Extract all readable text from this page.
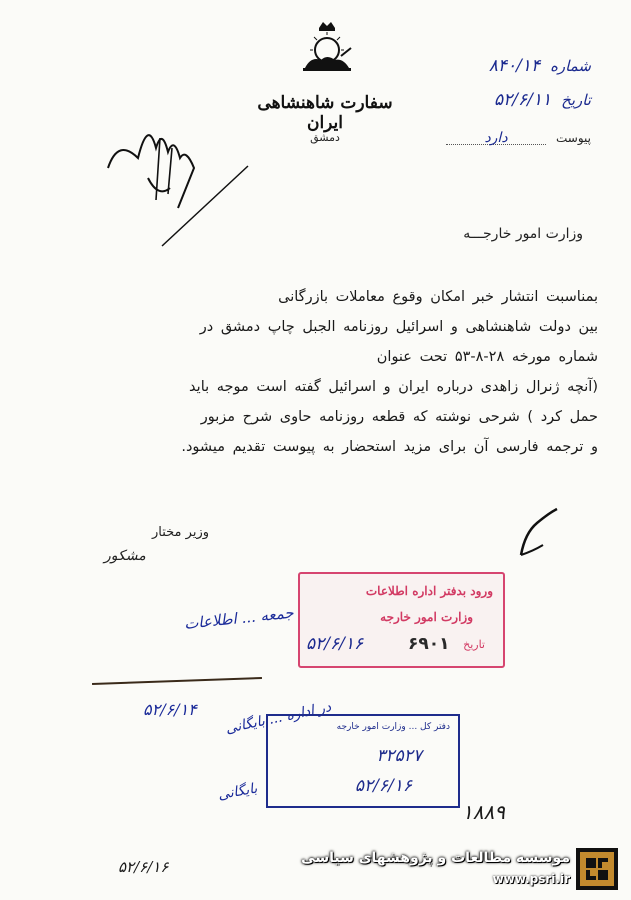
سفارت شاهنشاهی ایران
دمشق
شماره
۸۴۰/۱۴
تاریخ
۵۲/۶/۱۱
پیوست
دارد
وزارت امور خارجـــه

بمناسبت انتشار خبر امکان وقوع معاملات بازرگانی

بین دولت شاهنشاهی و اسرائیل روزنامه الجبل چاپ دمشق در

شماره مورخه ۲۸-۸-۵۳ تحت عنوان

(آنچه ژنرال زاهدی درباره ایران و اسرائیل گفته است موجه باید

حمل کرد ) شرحی نوشته که قطعه روزنامه حاوی شرح مزبور

و ترجمه فارسی آن برای مزید استحضار به پیوست تقدیم میشود.

وزیر مختار
مشکور
ورود بدفتر اداره اطلاعات
وزارت امور خارجه
تاریخ
۶۹۰۱
۵۲/۶/۱۶
جمعه ... اطلاعات
۵۲/۶/۱۴	در اداره ... بایگانی
بایگانی
۵۲/۶/۱۶
دفتر کل ... وزارت امور خارجه
۳۲۵۲۷
۵۲/۶/۱۶
۱۸۸۹
موسسه مطالعات و پژوهشهای سیاسی
www.psri.ir
